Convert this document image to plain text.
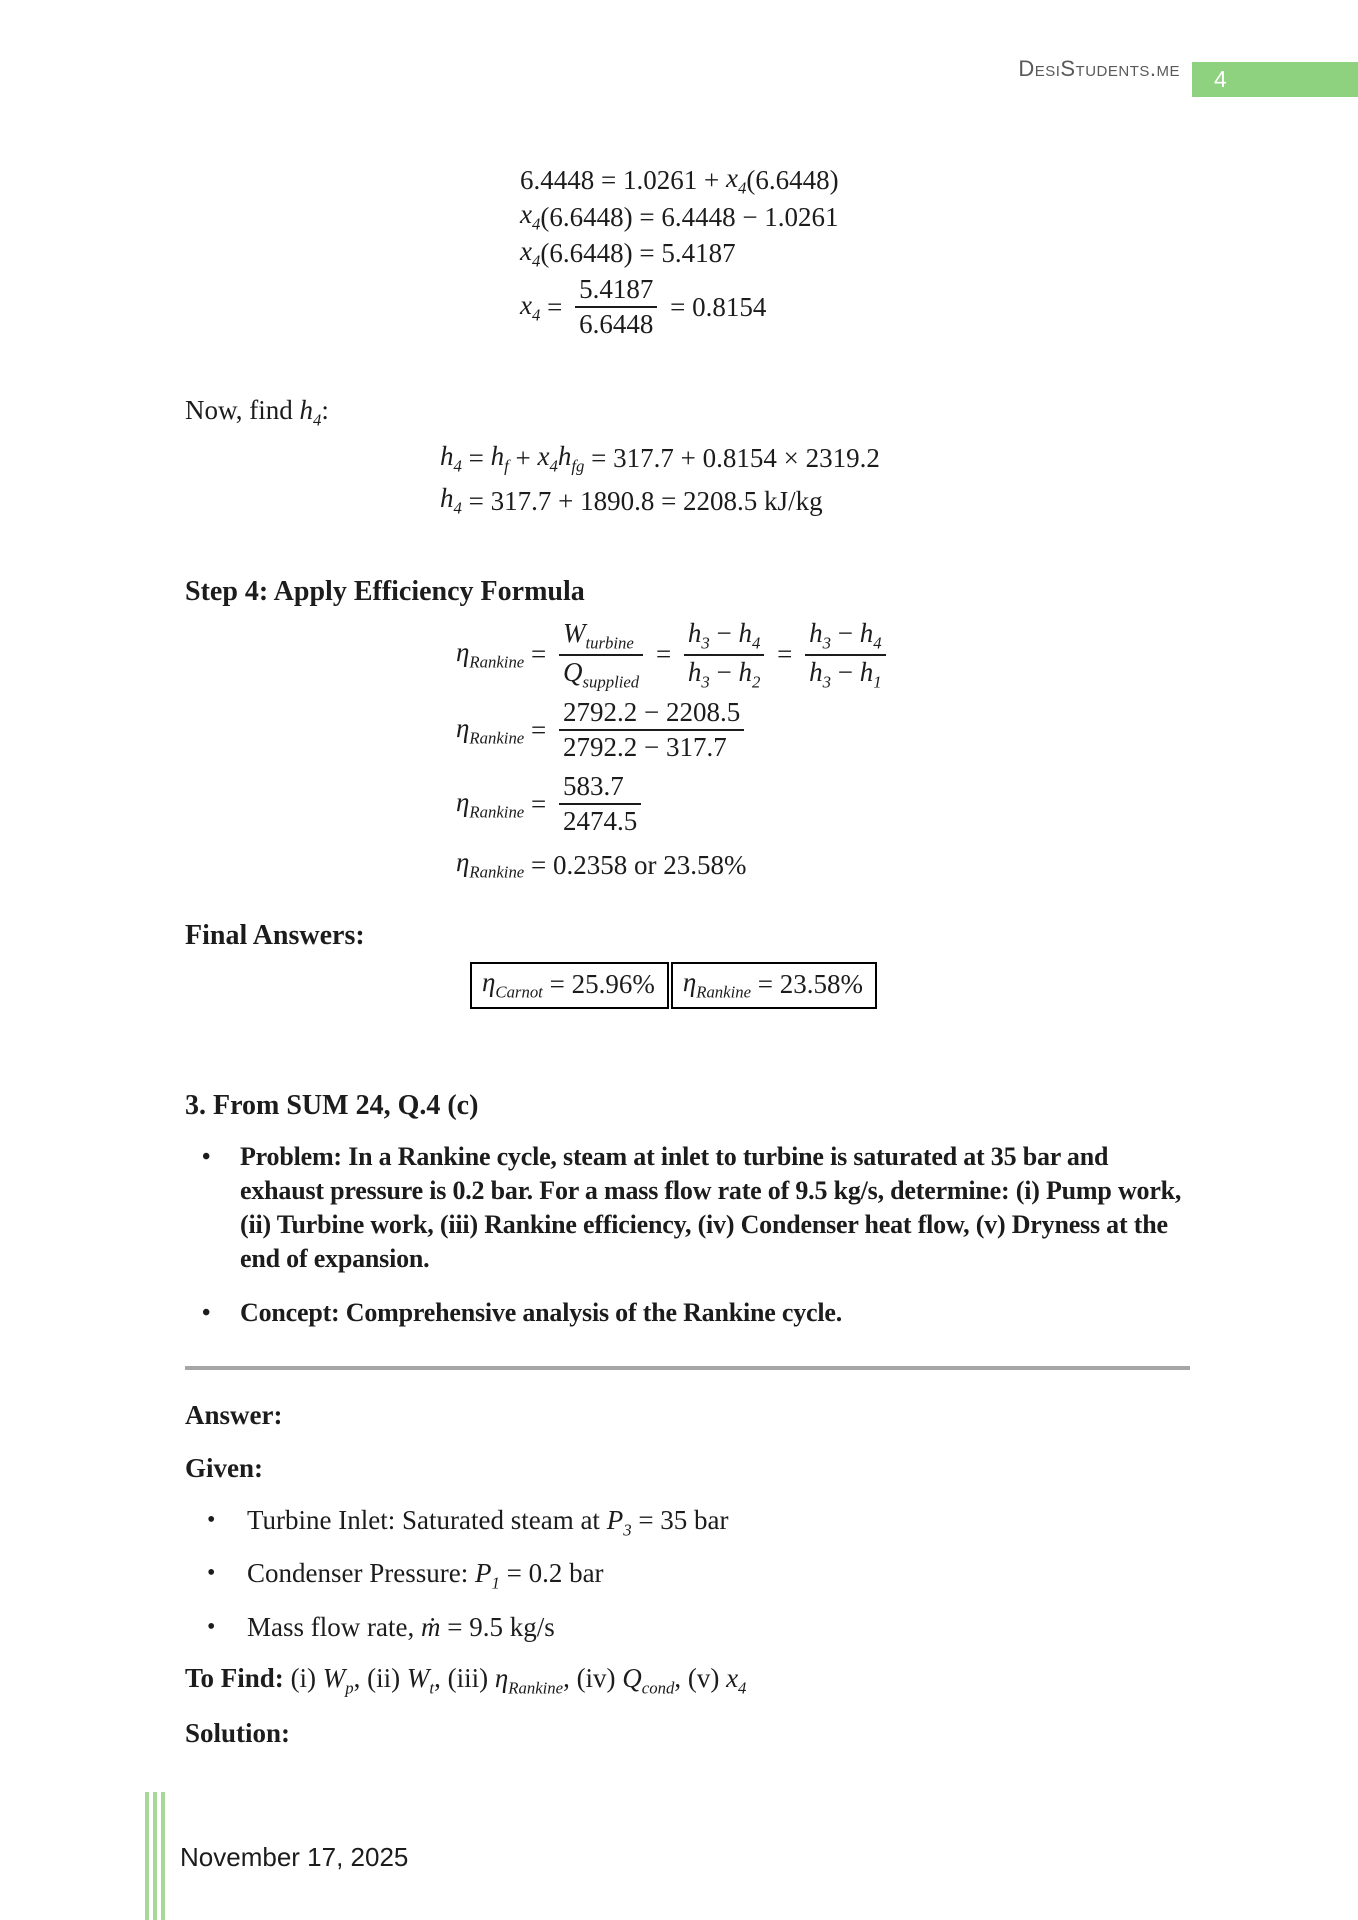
DesiStudents.me	4
$6.4448 = 1.0261 + x_4$ (6.6448)
$x_4$ (6.6448) = 6.4448 − 1.0261
$x_4$ (6.6448) = 5.4187
$x_4 = \frac{5.4187}{6.6448} = 0.8154$
Now, find $h_4$:
$h_4 = h_f + x_4$ $h_{fg} = 317.7 + 0.8154 \times 2319.2$
$h_4 = 317.7 + 1890.8 = 2208.5$ kJ/kg
Step 4: Apply Efficiency Formula
$\eta_{Rankine} = \frac{W_{turbine}}{Q_{supplied}} = \frac{h_3 - h_4}{h_3 - h_2} = \frac{h_3 - h_4}{h_3 - h_1}$
$\eta_{Rankine} = \frac{2792.2 - 2208.5}{2792.2 - 317.7}$
$\eta_{Rankine} = \frac{583.7}{2474.5}$
$\eta_{Rankine} = 0.2358$ or 23.58%
Final Answers:
$\eta_{Carnot} = 25.96\%$ $\eta_{Rankine} = 23.58\%$
3. From SUM 24, Q.4 (c)
•	Problem: In a Rankine cycle, steam at inlet to turbine is saturated at 35 bar and exhaust pressure is 0.2 bar. For a mass flow rate of 9.5 kg/s, determine: (i) Pump work, (ii) Turbine work, (iii) Rankine efficiency, (iv) Condenser heat flow, (v) Dryness at the end of expansion.
•	Concept: Comprehensive analysis of the Rankine cycle.
Answer:
Given:
•	Turbine Inlet: Saturated steam at $P_3 = 35$ bar
•	Condenser Pressure: $P_1 = 0.2$ bar
•	Mass flow rate, ṁ = 9.5 kg/s
To Find: (i) $W_p$, (ii) $W_t$, (iii) $\eta_{Rankine}$, (iv) $Q_{cond}$, (v) $x_4$
Solution:
November 17, 2025
